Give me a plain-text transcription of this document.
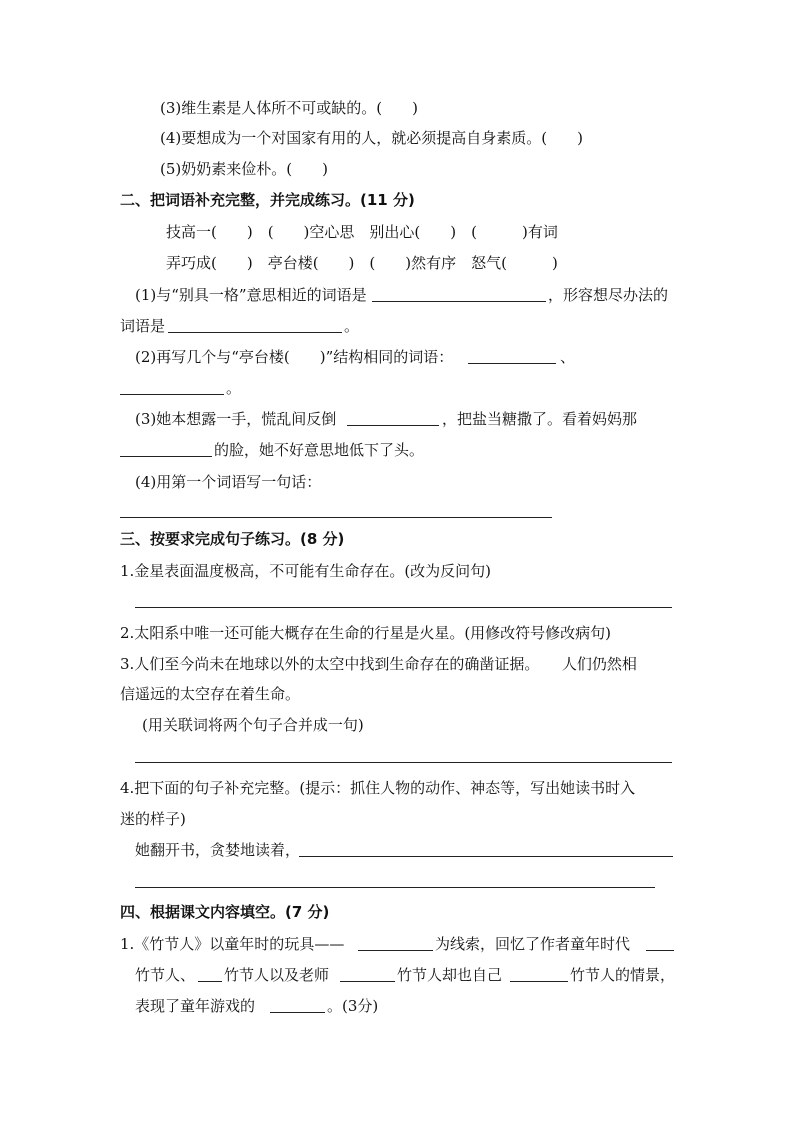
(3)维生素是人体所不可或缺的。(　　)
(4)要想成为一个对国家有用的人，就必须提高自身素质。(　　)
(5)奶奶素来俭朴。(　　)
二、把词语补充完整，并完成练习。(11 分)
技高一(　　)　(　　)空心思　别出心(　　)　(　　　)有词
弄巧成(　　)　亭台楼(　　)　(　　)然有序　怒气(　　　)
(1)与“别具一格”意思相近的词语是	，形容想尽办法的
词语是	。
(2)再写几个与“亭台楼(　　)”结构相同的词语：	、
。
(3)她本想露一手，慌乱间反倒	，把盐当糖撒了。看着妈妈那
的脸，她不好意思地低下了头。
(4)用第一个词语写一句话：
三、按要求完成句子练习。(8 分)
1.金星表面温度极高，不可能有生命存在。(改为反问句)
2.太阳系中唯一还可能大概存在生命的行星是火星。(用修改符号修改病句)
3.人们至今尚未在地球以外的太空中找到生命存在的确凿证据。　　人们仍然相
信遥远的太空存在着生命。
(用关联词将两个句子合并成一句)
4.把下面的句子补充完整。(提示：抓住人物的动作、神态等，写出她读书时入
迷的样子)
她翻开书，贪婪地读着，
四、根据课文内容填空。(7 分)
1.《竹节人》以童年时的玩具——	为线索，回忆了作者童年时代
竹节人、 竹节人以及老师	竹节人却也自己	竹节人的情景，
表现了童年游戏的	。(3分)
